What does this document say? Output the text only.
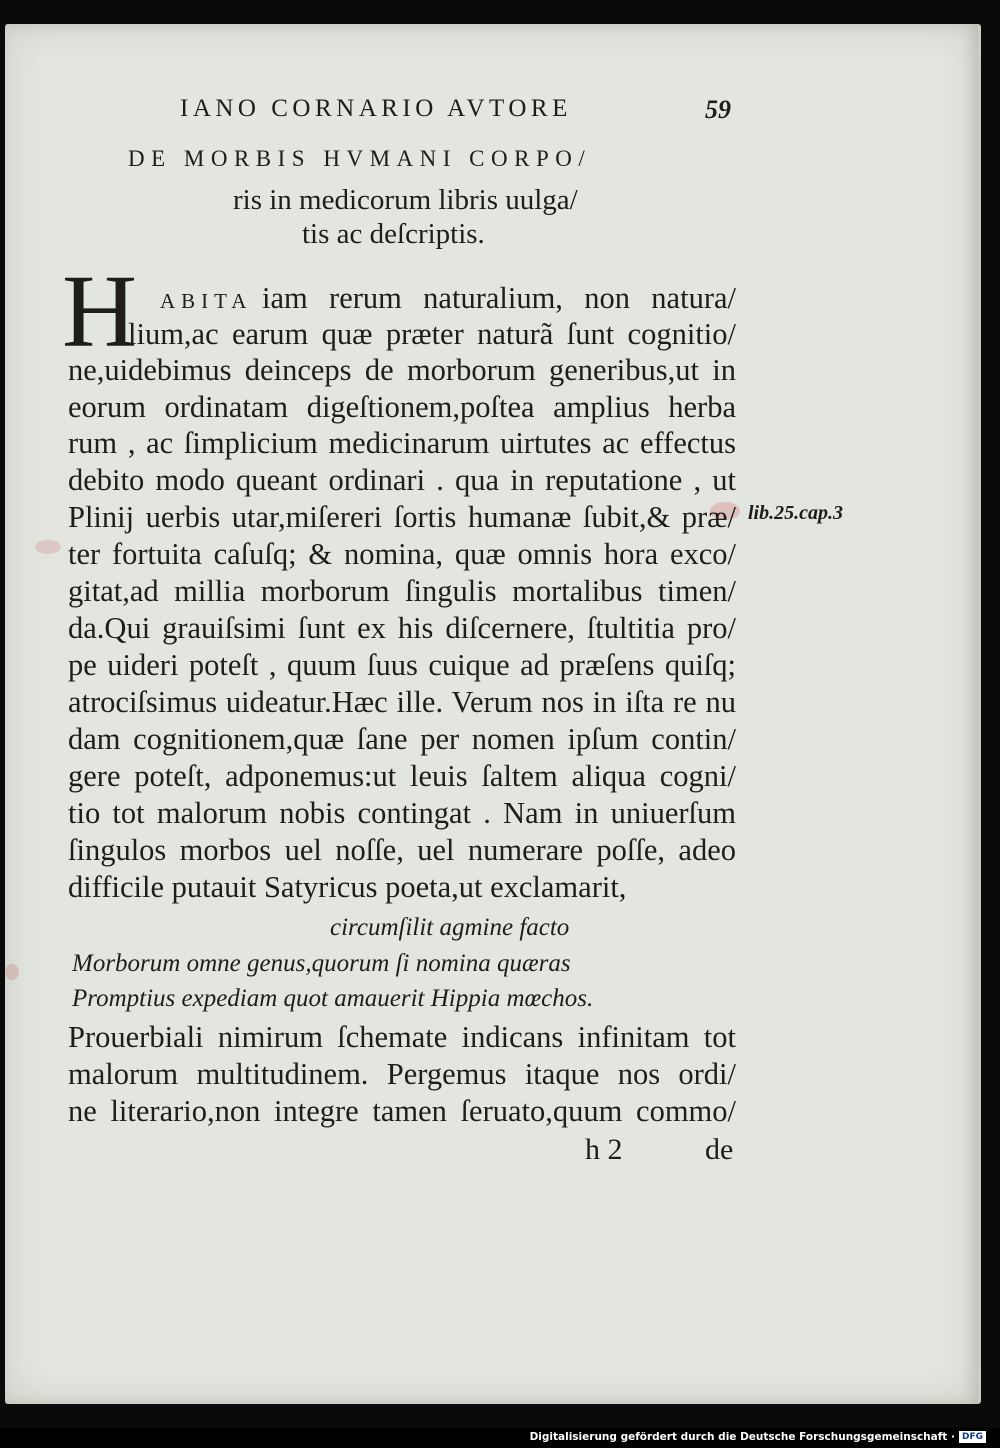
IANO CORNARIO AVTORE	59
DE MORBIS HVMANI CORPO/
ris in medicorum libris uulga/
tis ac deſcriptis.
H ABITA iam rerum naturalium, non natura/
lium,ac earum quæ præter naturã ſunt cognitio/
ne,uidebimus deinceps de morborum generibus,ut in
eorum ordinatam digeſtionem,poſtea amplius herba
rum , ac ſimplicium medicinarum uirtutes ac effectus
debito modo queant ordinari . qua in reputatione , ut
Plinij uerbis utar,miſereri ſortis humanæ ſubit,& præ/
ter fortuita caſuſq; & nomina, quæ omnis hora exco/
gitat,ad millia morborum ſingulis mortalibus timen/
da.Qui grauiſsimi ſunt ex his diſcernere, ſtultitia pro/
pe uideri poteſt , quum ſuus cuique ad præſens quiſq;
atrociſsimus uideatur.Hæc ille. Verum nos in iſta re nu
dam cognitionem,quæ ſane per nomen ipſum contin/
gere poteſt, adponemus:ut leuis ſaltem aliqua cogni/
tio tot malorum nobis contingat . Nam in uniuerſum
ſingulos morbos uel noſſe, uel numerare poſſe, adeo
difficile putauit Satyricus poeta,ut exclamarit,
circumſilit agmine facto
Morborum omne genus,quorum ſi nomina quæras
Promptius expediam quot amauerit Hippia mœchos.
Prouerbiali nimirum ſchemate indicans infinitam tot
malorum multitudinem. Pergemus itaque nos ordi/
ne literario,non integre tamen ſeruato,quum commo/
lib.25.cap.3
h 2	de
Digitalisierung gefördert durch die Deutsche Forschungsgemeinschaft · DFG
